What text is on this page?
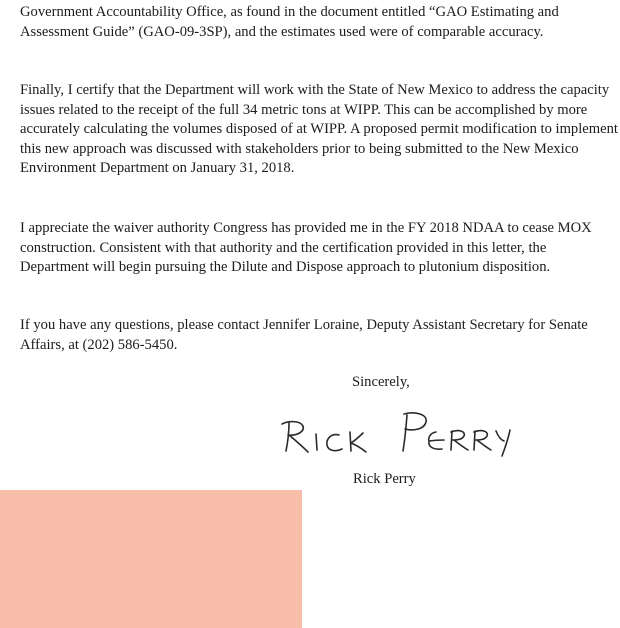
Government Accountability Office, as found in the document entitled “GAO Estimating and Assessment Guide” (GAO-09-3SP), and the estimates used were of comparable accuracy.

Finally, I certify that the Department will work with the State of New Mexico to address the capacity issues related to the receipt of the full 34 metric tons at WIPP. This can be accomplished by more accurately calculating the volumes disposed of at WIPP. A proposed permit modification to implement this new approach was discussed with stakeholders prior to being submitted to the New Mexico Environment Department on January 31, 2018.

I appreciate the waiver authority Congress has provided me in the FY 2018 NDAA to cease MOX construction. Consistent with that authority and the certification provided in this letter, the Department will begin pursuing the Dilute and Dispose approach to plutonium disposition.

If you have any questions, please contact Jennifer Loraine, Deputy Assistant Secretary for Senate Affairs, at (202) 586-5450.

Sincerely,

Rick Perry
